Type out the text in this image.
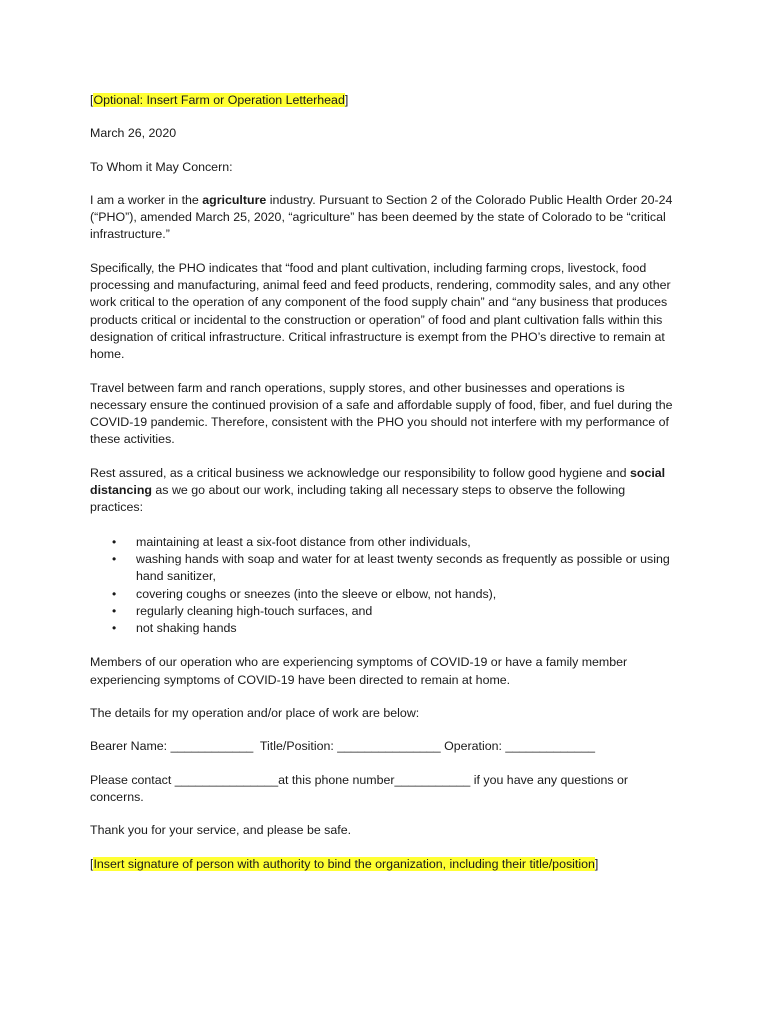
[Optional: Insert Farm or Operation Letterhead]

March 26, 2020

To Whom it May Concern:

I am a worker in the agriculture industry. Pursuant to Section 2 of the Colorado Public Health Order 20-24 (“PHO”), amended March 25, 2020, “agriculture” has been deemed by the state of Colorado to be “critical infrastructure.”

Specifically, the PHO indicates that “food and plant cultivation, including farming crops, livestock, food processing and manufacturing, animal feed and feed products, rendering, commodity sales, and any other work critical to the operation of any component of the food supply chain” and “any business that produces products critical or incidental to the construction or operation” of food and plant cultivation falls within this designation of critical infrastructure. Critical infrastructure is exempt from the PHO’s directive to remain at home.

Travel between farm and ranch operations, supply stores, and other businesses and operations is necessary ensure the continued provision of a safe and affordable supply of food, fiber, and fuel during the COVID-19 pandemic. Therefore, consistent with the PHO you should not interfere with my performance of these activities.

Rest assured, as a critical business we acknowledge our responsibility to follow good hygiene and social distancing as we go about our work, including taking all necessary steps to observe the following practices:

• maintaining at least a six-foot distance from other individuals,
• washing hands with soap and water for at least twenty seconds as frequently as possible or using hand sanitizer,
• covering coughs or sneezes (into the sleeve or elbow, not hands),
• regularly cleaning high-touch surfaces, and
• not shaking hands

Members of our operation who are experiencing symptoms of COVID-19 or have a family member experiencing symptoms of COVID-19 have been directed to remain at home.

The details for my operation and/or place of work are below:

Bearer Name: ____________  Title/Position: _______________ Operation: _____________

Please contact _______________at this phone number___________ if you have any questions or concerns.

Thank you for your service, and please be safe.

[Insert signature of person with authority to bind the organization, including their title/position]
